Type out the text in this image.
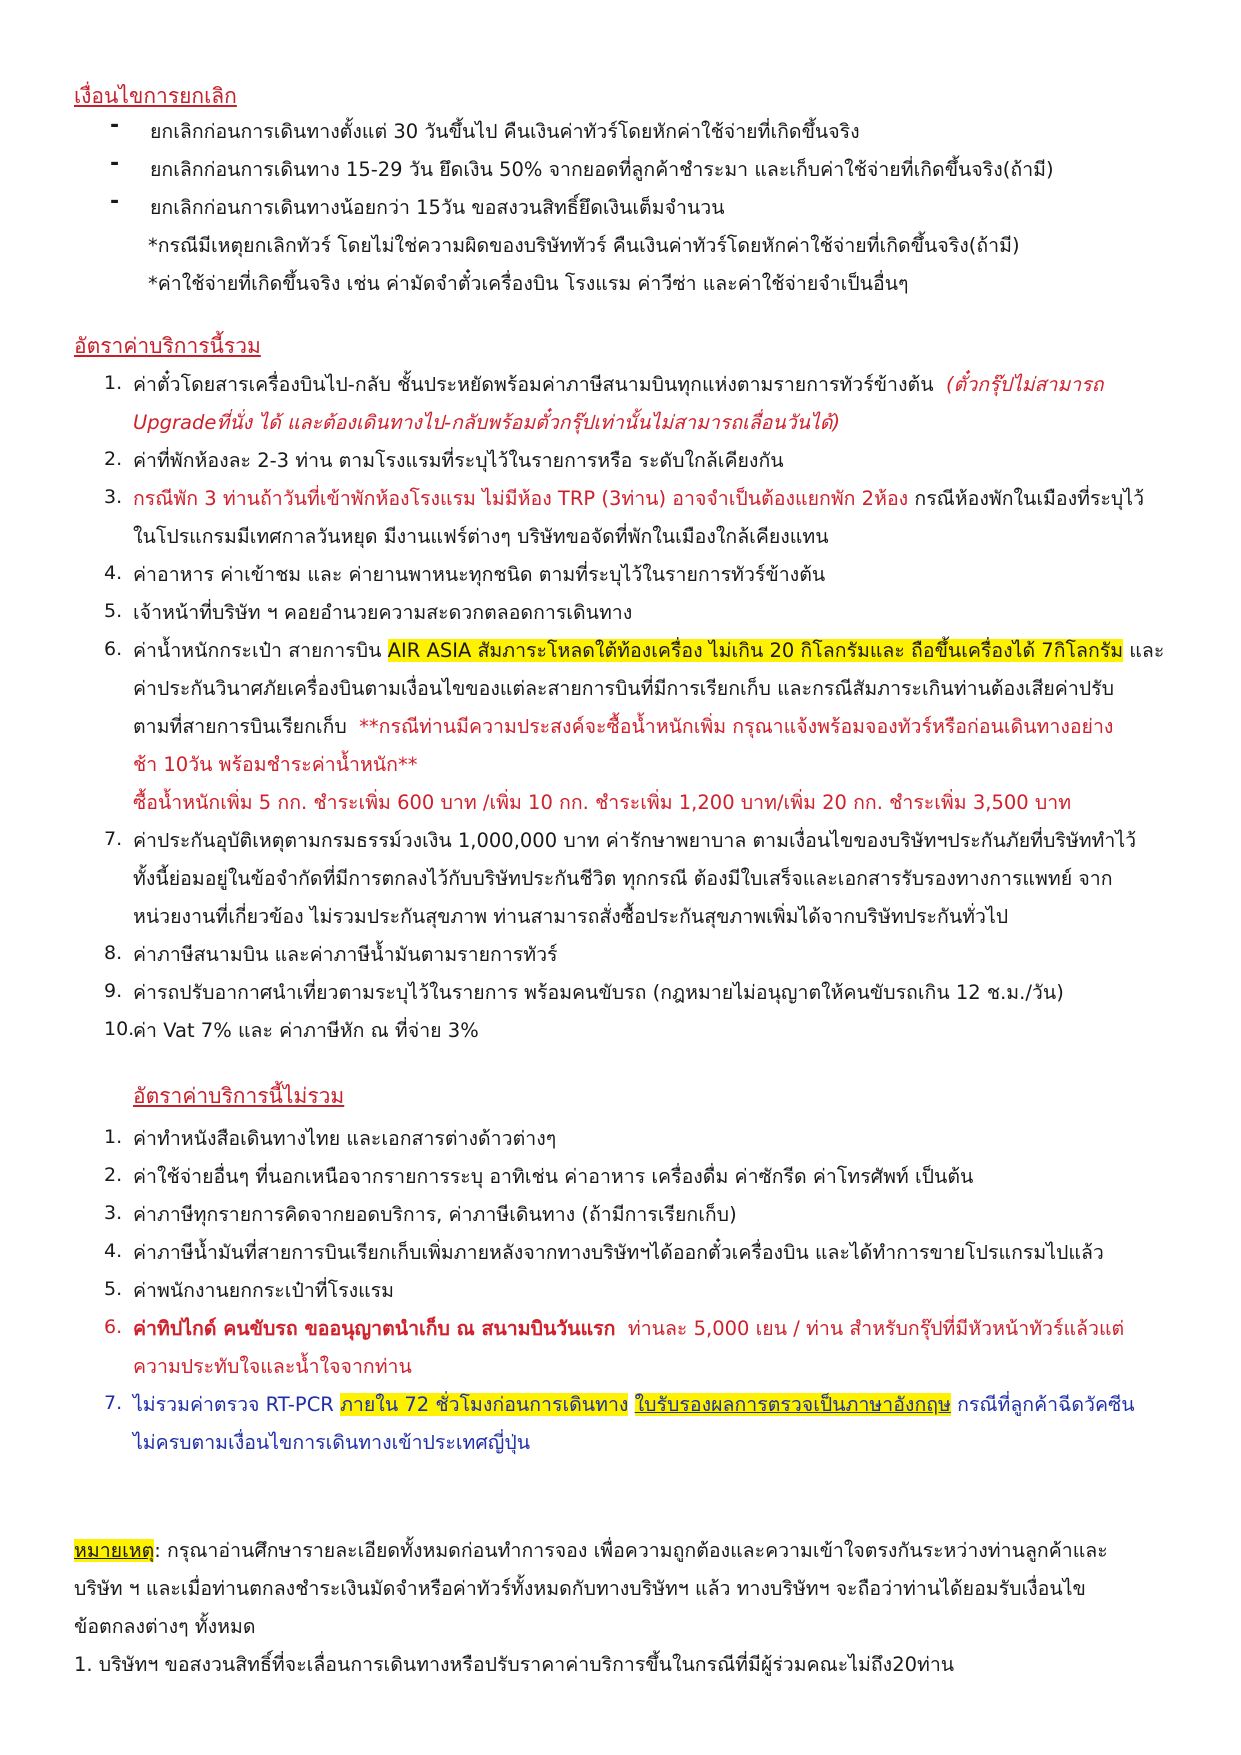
เงื่อนไขการยกเลิก
- ยกเลิกก่อนการเดินทางตั้งแต่ 30 วันขึ้นไป คืนเงินค่าทัวร์โดยหักค่าใช้จ่ายที่เกิดขึ้นจริง
- ยกเลิกก่อนการเดินทาง 15-29 วัน ยึดเงิน 50% จากยอดที่ลูกค้าชำระมา และเก็บค่าใช้จ่ายที่เกิดขึ้นจริง(ถ้ามี)
- ยกเลิกก่อนการเดินทางน้อยกว่า 15วัน ขอสงวนสิทธิ์ยึดเงินเต็มจำนวน
*กรณีมีเหตุยกเลิกทัวร์ โดยไม่ใช่ความผิดของบริษัททัวร์ คืนเงินค่าทัวร์โดยหักค่าใช้จ่ายที่เกิดขึ้นจริง(ถ้ามี)
*ค่าใช้จ่ายที่เกิดขึ้นจริง เช่น ค่ามัดจำตั๋วเครื่องบิน โรงแรม ค่าวีซ่า และค่าใช้จ่ายจำเป็นอื่นๆ
อัตราค่าบริการนี้รวม
1. ค่าตั๋วโดยสารเครื่องบินไป-กลับ ชั้นประหยัดพร้อมค่าภาษีสนามบินทุกแห่งตามรายการทัวร์ข้างต้น (ตั๋วกรุ๊ปไม่สามารถ
Upgradeที่นั่ง ได้ และต้องเดินทางไป-กลับพร้อมตั๋วกรุ๊ปเท่านั้นไม่สามารถเลื่อนวันได้)
2. ค่าที่พักห้องละ 2-3 ท่าน ตามโรงแรมที่ระบุไว้ในรายการหรือ ระดับใกล้เคียงกัน
3. กรณีพัก 3 ท่านถ้าวันที่เข้าพักห้องโรงแรม ไม่มีห้อง TRP (3ท่าน) อาจจำเป็นต้องแยกพัก 2ห้อง กรณีห้องพักในเมืองที่ระบุไว้
ในโปรแกรมมีเทศกาลวันหยุด มีงานแฟร์ต่างๆ บริษัทขอจัดที่พักในเมืองใกล้เคียงแทน
4. ค่าอาหาร ค่าเข้าชม และ ค่ายานพาหนะทุกชนิด ตามที่ระบุไว้ในรายการทัวร์ข้างต้น
5. เจ้าหน้าที่บริษัท ฯ คอยอำนวยความสะดวกตลอดการเดินทาง
6. ค่าน้ำหนักกระเป๋า สายการบิน AIR ASIA สัมภาระโหลดใต้ท้องเครื่อง ไม่เกิน 20 กิโลกรัมและ ถือขึ้นเครื่องได้ 7กิโลกรัม และ
ค่าประกันวินาศภัยเครื่องบินตามเงื่อนไขของแต่ละสายการบินที่มีการเรียกเก็บ และกรณีสัมภาระเกินท่านต้องเสียค่าปรับ
ตามที่สายการบินเรียกเก็บ **กรณีท่านมีความประสงค์จะซื้อน้ำหนักเพิ่ม กรุณาแจ้งพร้อมจองทัวร์หรือก่อนเดินทางอย่าง
ช้า 10วัน พร้อมชำระค่าน้ำหนัก**
ซื้อน้ำหนักเพิ่ม 5 กก. ชำระเพิ่ม 600 บาท /เพิ่ม 10 กก. ชำระเพิ่ม 1,200 บาท/เพิ่ม 20 กก. ชำระเพิ่ม 3,500 บาท
7. ค่าประกันอุบัติเหตุตามกรมธรรม์วงเงิน 1,000,000 บาท ค่ารักษาพยาบาล ตามเงื่อนไขของบริษัทฯประกันภัยที่บริษัททำไว้
ทั้งนี้ย่อมอยู่ในข้อจำกัดที่มีการตกลงไว้กับบริษัทประกันชีวิต ทุกกรณี ต้องมีใบเสร็จและเอกสารรับรองทางการแพทย์ จาก
หน่วยงานที่เกี่ยวข้อง ไม่รวมประกันสุขภาพ ท่านสามารถสั่งซื้อประกันสุขภาพเพิ่มได้จากบริษัทประกันทั่วไป
8. ค่าภาษีสนามบิน และค่าภาษีน้ำมันตามรายการทัวร์
9. ค่ารถปรับอากาศนำเที่ยวตามระบุไว้ในรายการ พร้อมคนขับรถ (กฎหมายไม่อนุญาตให้คนขับรถเกิน 12 ช.ม./วัน)
10.
ค่า Vat 7% และ ค่าภาษีหัก ณ ที่จ่าย 3%
อัตราค่าบริการนี้ไม่รวม
1. ค่าทำหนังสือเดินทางไทย และเอกสารต่างด้าวต่างๆ
2. ค่าใช้จ่ายอื่นๆ ที่นอกเหนือจากรายการระบุ อาทิเช่น ค่าอาหาร เครื่องดื่ม ค่าซักรีด ค่าโทรศัพท์ เป็นต้น
3. ค่าภาษีทุกรายการคิดจากยอดบริการ, ค่าภาษีเดินทาง (ถ้ามีการเรียกเก็บ)
4. ค่าภาษีน้ำมันที่สายการบินเรียกเก็บเพิ่มภายหลังจากทางบริษัทฯได้ออกตั๋วเครื่องบิน และได้ทำการขายโปรแกรมไปแล้ว
5. ค่าพนักงานยกกระเป๋าที่โรงแรม
6. ค่าทิปไกด์ คนขับรถ ขออนุญาตนำเก็บ ณ สนามบินวันแรก ท่านละ 5,000 เยน / ท่าน สำหรับกรุ๊ปที่มีหัวหน้าทัวร์แล้วแต่
ความประทับใจและน้ำใจจากท่าน
7. ไม่รวมค่าตรวจ RT-PCR ภายใน 72 ชั่วโมงก่อนการเดินทาง ใบรับรองผลการตรวจเป็นภาษาอังกฤษ กรณีที่ลูกค้าฉีดวัคซีน
ไม่ครบตามเงื่อนไขการเดินทางเข้าประเทศญี่ปุ่น
หมายเหตุ: กรุณาอ่านศึกษารายละเอียดทั้งหมดก่อนทำการจอง เพื่อความถูกต้องและความเข้าใจตรงกันระหว่างท่านลูกค้าและ
บริษัท ฯ และเมื่อท่านตกลงชำระเงินมัดจำหรือค่าทัวร์ทั้งหมดกับทางบริษัทฯ แล้ว ทางบริษัทฯ จะถือว่าท่านได้ยอมรับเงื่อนไข
ข้อตกลงต่างๆ ทั้งหมด
1. บริษัทฯ ขอสงวนสิทธิ์ที่จะเลื่อนการเดินทางหรือปรับราคาค่าบริการขึ้นในกรณีที่มีผู้ร่วมคณะไม่ถึง20ท่าน
